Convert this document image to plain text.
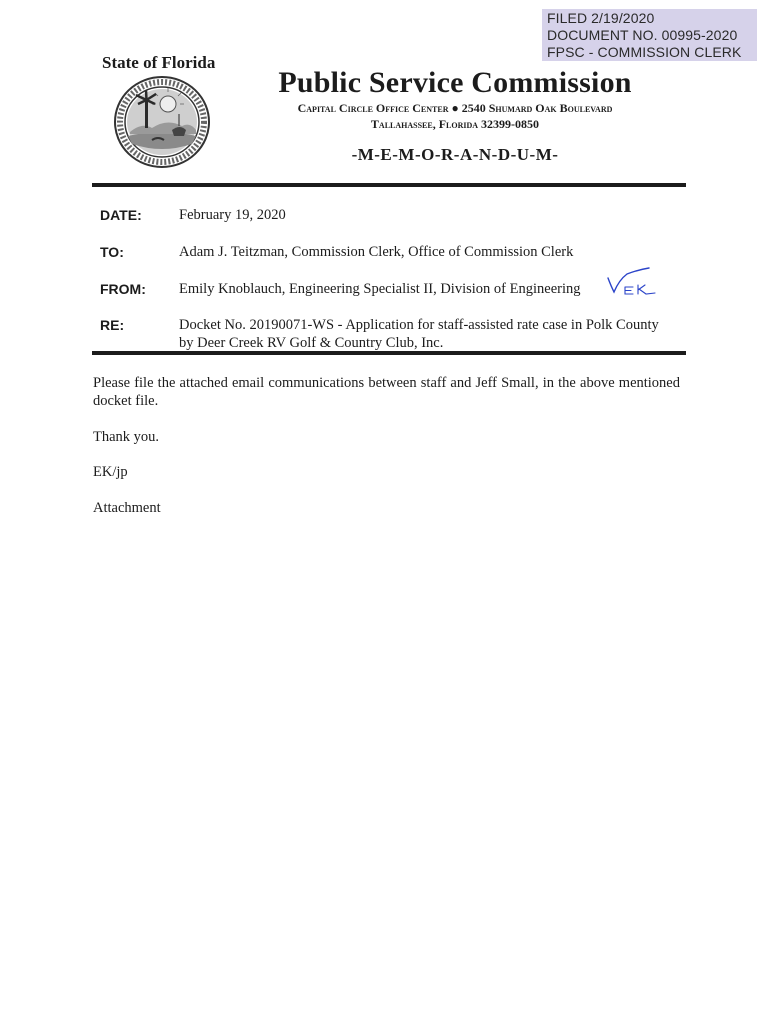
FILED 2/19/2020
DOCUMENT NO. 00995-2020
FPSC - COMMISSION CLERK
State of Florida
Public Service Commission
Capital Circle Office Center ● 2540 Shumard Oak Boulevard
Tallahassee, Florida 32399-0850
-M-E-M-O-R-A-N-D-U-M-
DATE:	February 19, 2020
TO:	Adam J. Teitzman, Commission Clerk, Office of Commission Clerk
FROM: Emily Knoblauch, Engineering Specialist II, Division of Engineering
RE:	Docket No. 20190071-WS - Application for staff-assisted rate case in Polk County
by Deer Creek RV Golf & Country Club, Inc.
Please file the attached email communications between staff and Jeff Small, in the above mentioned docket file.
Thank you.
EK/jp
Attachment
